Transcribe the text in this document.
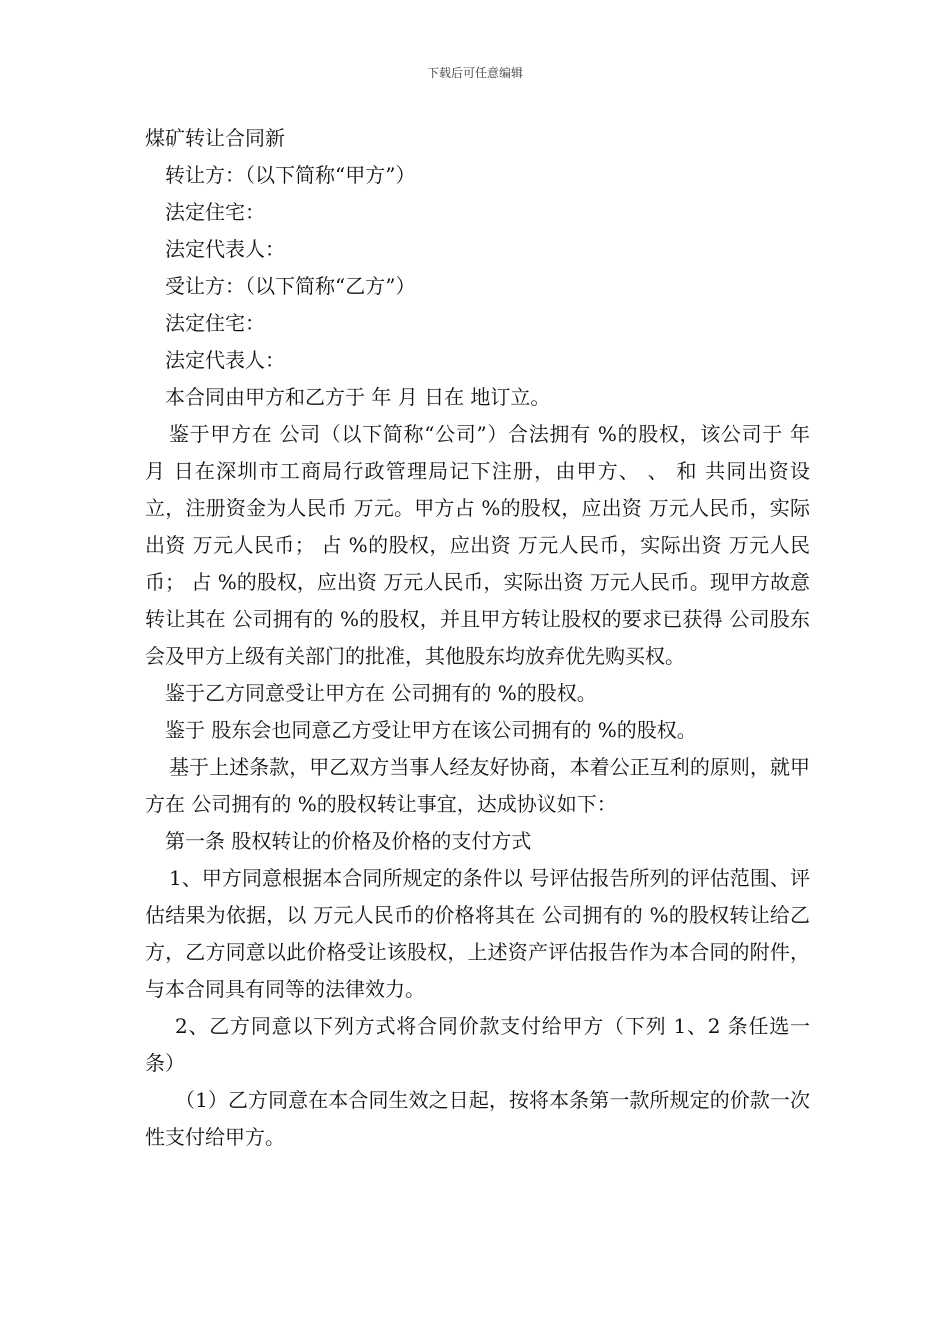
下载后可任意编辑

煤矿转让合同新

转让方：（以下简称“甲方”）

法定住宅：

法定代表人：

受让方：（以下简称“乙方”）

法定住宅：

法定代表人：

本合同由甲方和乙方于 年 月 日在 地订立。

鉴于甲方在 公司（以下简称“公司”）合法拥有 %的股权，该公司于 年 月 日在深圳市工商局行政管理局记下注册，由甲方、 、 和 共同出资设立，注册资金为人民币 万元。甲方占 %的股权，应出资 万元人民币，实际出资 万元人民币； 占 %的股权，应出资 万元人民币，实际出资 万元人民币； 占 %的股权，应出资 万元人民币，实际出资 万元人民币。现甲方故意转让其在 公司拥有的 %的股权，并且甲方转让股权的要求已获得 公司股东会及甲方上级有关部门的批准，其他股东均放弃优先购买权。

鉴于乙方同意受让甲方在 公司拥有的 %的股权。

鉴于 股东会也同意乙方受让甲方在该公司拥有的 %的股权。

基于上述条款，甲乙双方当事人经友好协商，本着公正互利的原则，就甲方在 公司拥有的 %的股权转让事宜，达成协议如下：

第一条 股权转让的价格及价格的支付方式

1、甲方同意根据本合同所规定的条件以 号评估报告所列的评估范围、评估结果为依据，以 万元人民币的价格将其在 公司拥有的 %的股权转让给乙方，乙方同意以此价格受让该股权，上述资产评估报告作为本合同的附件，与本合同具有同等的法律效力。

2、乙方同意以下列方式将合同价款支付给甲方（下列 1、2 条任选一条）

（1）乙方同意在本合同生效之日起，按将本条第一款所规定的价款一次性支付给甲方。
